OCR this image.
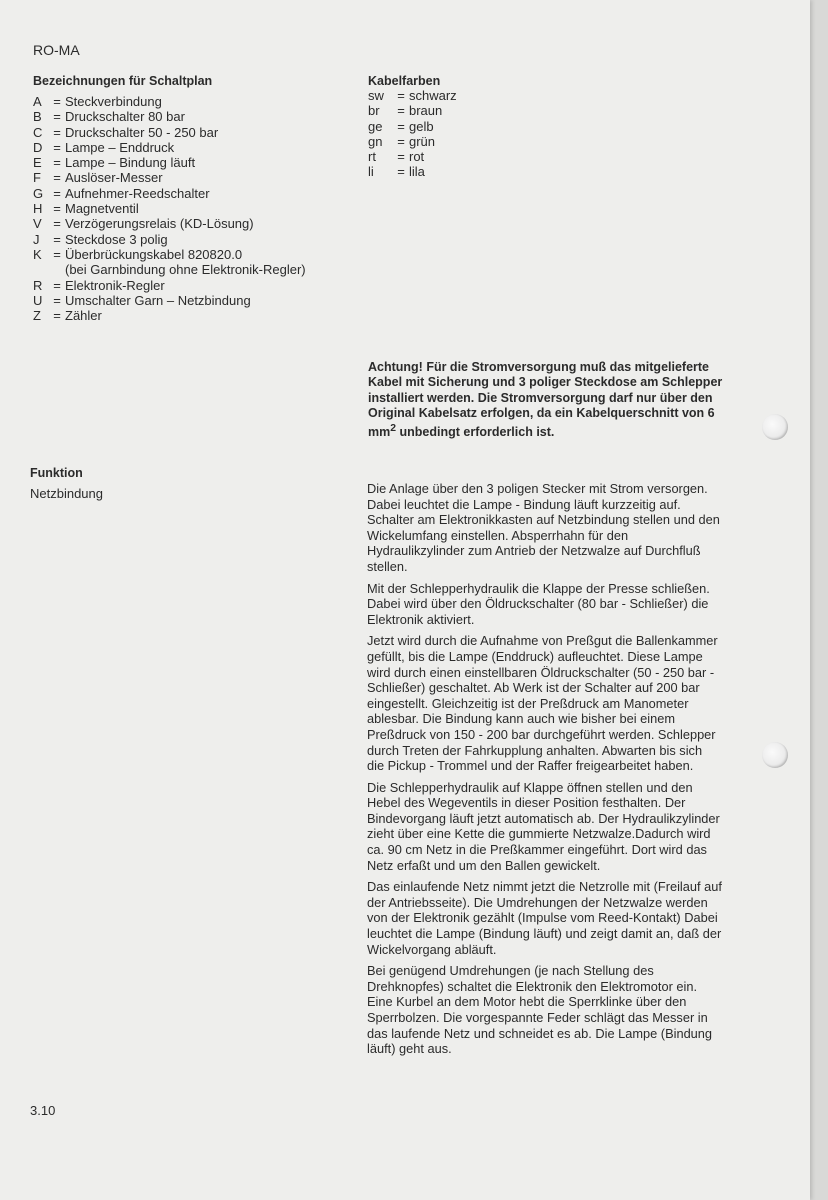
RO-MA
Bezeichnungen für Schaltplan
A = Steckverbindung
B = Druckschalter 80 bar
C = Druckschalter 50 - 250 bar
D = Lampe – Enddruck
E = Lampe – Bindung läuft
F = Auslöser-Messer
G = Aufnehmer-Reedschalter
H = Magnetventil
V = Verzögerungsrelais (KD-Lösung)
J	= Steckdose 3 polig
K = Überbrückungskabel 820820.0
(bei Garnbindung ohne Elektronik-Regler)
R = Elektronik-Regler
U = Umschalter Garn – Netzbindung
Z = Zähler
Kabelfarben
sw	= schwarz
br	= braun
ge	= gelb
gn	= grün
rt	= rot
li	= lila

Achtung! Für die Stromversorgung muß das mitgelieferte Kabel mit Sicherung und 3 poliger Steckdose am Schlepper installiert werden. Die Stromversorgung darf nur über den Original Kabelsatz erfolgen, da ein Kabelquerschnitt von 6 $mm^2$ unbedingt erforderlich ist.

Funktion
Netzbindung	Die Anlage über den 3 poligen Stecker mit Strom versorgen. Dabei leuchtet die Lampe - Bindung läuft kurzzeitig auf. Schalter am Elektronikkasten auf Netzbindung stellen und den Wickelumfang einstellen. Absperrhahn für den Hydraulikzylinder zum Antrieb der Netzwalze auf Durchfluß stellen.

Mit der Schlepperhydraulik die Klappe der Presse schließen. Dabei wird über den Öldruckschalter (80 bar - Schließer) die Elektronik aktiviert.

Jetzt wird durch die Aufnahme von Preßgut die Ballenkammer gefüllt, bis die Lampe (Enddruck) aufleuchtet. Diese Lampe wird durch einen einstellbaren Öldruckschalter (50 - 250 bar - Schließer) geschaltet. Ab Werk ist der Schalter auf 200 bar eingestellt. Gleichzeitig ist der Preßdruck am Manometer ablesbar. Die Bindung kann auch wie bisher bei einem Preßdruck von 150 - 200 bar durchgeführt werden. Schlepper durch Treten der Fahrkupplung anhalten. Abwarten bis sich die Pickup - Trommel und der Raffer freigearbeitet haben.

Die Schlepperhydraulik auf Klappe öffnen stellen und den Hebel des Wegeventils in dieser Position festhalten. Der Bindevorgang läuft jetzt automatisch ab. Der Hydraulikzylinder zieht über eine Kette die gummierte Netzwalze.Dadurch wird ca. 90 cm Netz in die Preßkammer eingeführt. Dort wird das Netz erfaßt und um den Ballen gewickelt.

Das einlaufende Netz nimmt jetzt die Netzrolle mit (Freilauf auf der Antriebsseite). Die Umdrehungen der Netzwalze werden von der Elektronik gezählt (Impulse vom Reed-Kontakt) Dabei leuchtet die Lampe (Bindung läuft) und zeigt damit an, daß der Wickelvorgang abläuft.

Bei genügend Umdrehungen (je nach Stellung des Drehknopfes) schaltet die Elektronik den Elektromotor ein. Eine Kurbel an dem Motor hebt die Sperrklinke über den Sperrbolzen. Die vorgespannte Feder schlägt das Messer in das laufende Netz und schneidet es ab. Die Lampe (Bindung läuft) geht aus.

3.10
